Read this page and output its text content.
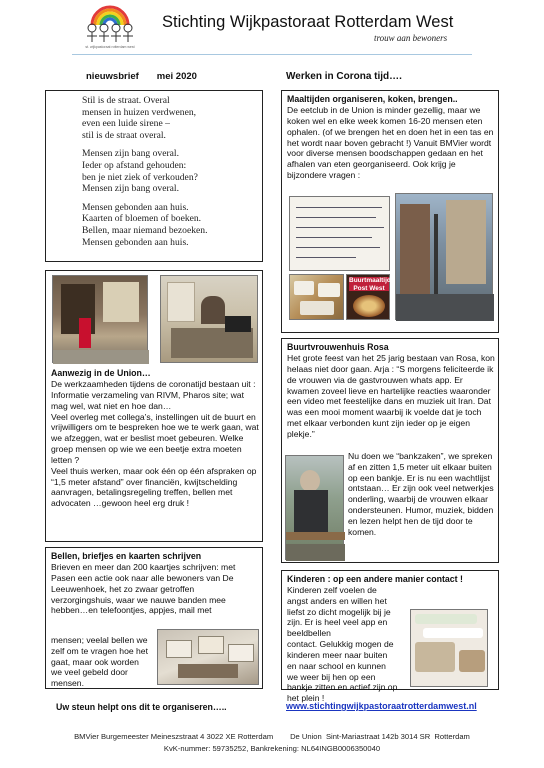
st. wijkpastoraat rotterdam west
Stichting Wijkpastoraat Rotterdam West
trouw aan bewoners
nieuwsbrief mei 2020	Werken in Corona tijd….
Stil is de straat. Overal
mensen in huizen verdwenen,
even een luide sirene –
stil is de straat overal.
Mensen zijn bang overal.
Ieder op afstand gehouden:
ben je niet ziek of verkouden?
Mensen zijn bang overal.
Mensen gebonden aan huis.
Kaarten of bloemen of boeken.
Bellen, maar niemand bezoeken.
Mensen gebonden aan huis.
Aanwezig in de Union…
De werkzaamheden tijdens de coronatijd bestaan uit : Informatie verzameling van RIVM, Pharos site; wat mag wel, wat niet en hoe dan…
Veel overleg met collega’s, instellingen uit de buurt en vrijwilligers om te bespreken hoe we te werk gaan, wat we afzeggen, wat er beslist moet gebeuren. Welke groep mensen op wie we een beetje extra moeten letten ?
Veel thuis werken, maar ook één op één afspraken op “1,5 meter afstand” over financiën, kwijtschelding aanvragen, betalingsregeling treffen, bellen met advocaten …gewoon heel erg druk !
Bellen, briefjes en kaarten schrijven
Brieven en meer dan 200 kaartjes schrijven: met Pasen een actie ook naar alle bewoners van De Leeuwenhoek, het zo zwaar getroffen verzorgingshuis, waar we nauwe banden mee hebben…en telefoontjes, appjes, mail met
mensen; veelal bellen we zelf om te vragen hoe het gaat, maar ook worden we veel gebeld door mensen.
Maaltijden organiseren, koken, brengen..
De eetclub in de Union is minder gezellig, maar we koken wel en elke week komen 16-20 mensen eten ophalen. (of we brengen het en doen het in een tas en het wordt naar boven gebracht !) Vanuit BMVier wordt voor diverse mensen boodschappen gedaan en het afhalen van eten georganiseerd. Ook krijg je bijzondere vragen :
Buurtmaaltijd
Post West
Buurtvrouwenhuis Rosa
Het grote feest van het 25 jarig bestaan van Rosa, kon helaas niet door gaan. Arja : “S morgens feliciteerde ik de vrouwen via de gastvrouwen whats app. Er kwamen zoveel lieve en hartelijke reacties waaronder een video met feestelijke dans en muziek uit Iran. Dat was een mooi moment waarbij ik voelde dat je toch met elkaar verbonden kunt zijn ieder op je eigen plekje.”
Nu doen we “bankzaken”, we spreken af en zitten 1,5 meter uit elkaar buiten op een bankje. Er is nu een wachtlijst ontstaan… Er zijn ook veel netwerkjes onderling, waarbij de vrouwen elkaar ondersteunen. Humor, muziek, bidden en lezen helpt hen de tijd door te komen.
Kinderen : op een andere manier contact !
Kinderen zelf voelen de angst anders en willen het liefst zo dicht mogelijk bij je zijn. Er is heel veel app en beeldbellen
contact. Gelukkig mogen de kinderen meer naar buiten en naar school en kunnen we weer bij hen op een bankje zitten en actief zijn op het plein !
Uw steun helpt ons dit te organiseren…..	www.stichtingwijkpastoraatrotterdamwest.nl
BMVier Burgemeester Meineszstraat 4 3022 XE Rotterdam        De Union  Sint-Mariastraat 142b 3014 SR  Rotterdam
KvK-nummer: 59735252, Bankrekening: NL64INGB0006350040
